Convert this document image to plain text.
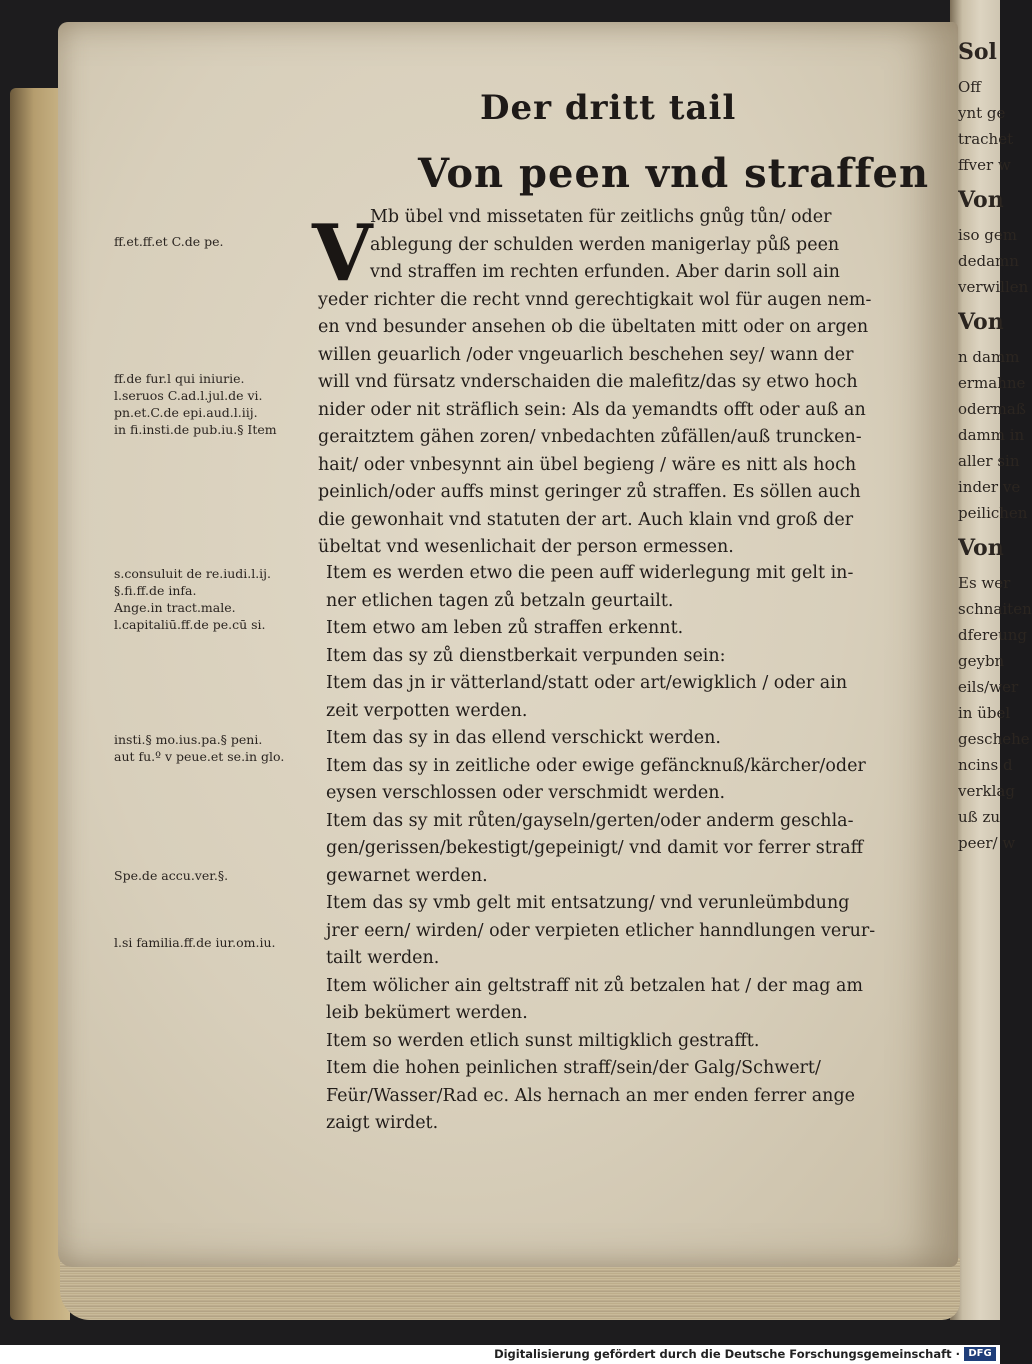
Sol
Off
ynt ge
trachet
ffver w
Von
iso gem
dedamn
verwillen
Von
n damm
ermahne
odermaß
damm in
aller sin
inder ve
peilichen
Von
Es wer
schnaiten
dfereung
geybn
eils/wer
in übel
geschehe
ncins d
verklag
uß zu
peer/ w
Der dritt tail
Von peen vnd straffen
V
Mb übel vnd missetaten für zeitlichs gnůg tůn/ oder
ablegung der schulden werden manigerlay půß peen
vnd straffen im rechten erfunden. Aber darin soll ain
yeder richter die recht vnnd gerechtigkait wol für augen nem-
en vnd besunder ansehen ob die übeltaten mitt oder on argen
willen geuarlich /oder vngeuarlich beschehen sey/ wann der
will vnd fürsatz vnderschaiden die malefitz/das sy etwo hoch
nider oder nit sträflich sein: Als da yemandts offt oder auß an
geraitztem gähen zoren/ vnbedachten zůfällen/auß truncken-
hait/ oder vnbesynnt ain übel begieng / wäre es nitt als hoch
peinlich/oder auffs minst geringer zů straffen. Es söllen auch
die gewonhait vnd statuten der art. Auch klain vnd groß der
übeltat vnd wesenlichait der person ermessen.
Item es werden etwo die peen auff widerlegung mit gelt in-
ner etlichen tagen zů betzaln geurtailt.
Item etwo am leben zů straffen erkennt.
Item das sy zů dienstberkait verpunden sein:
Item das jn ir vätterland/statt oder art/ewigklich / oder ain
zeit verpotten werden.
Item das sy in das ellend verschickt werden.
Item das sy in zeitliche oder ewige gefäncknuß/kärcher/oder
eysen verschlossen oder verschmidt werden.
Item das sy mit růten/gayseln/gerten/oder anderm geschla-
gen/gerissen/bekestigt/gepeinigt/ vnd damit vor ferrer straff
gewarnet werden.
Item das sy vmb gelt mit entsatzung/ vnd verunleümbdung
jrer eern/ wirden/ oder verpieten etlicher hanndlungen verur-
tailt werden.
Item wölicher ain geltstraff nit zů betzalen hat / der mag am
leib bekümert werden.
Item so werden etlich sunst miltigklich gestrafft.
Item die hohen peinlichen straff/sein/der Galg/Schwert/
Feür/Wasser/Rad ec. Als hernach an mer enden ferrer ange
zaigt wirdet.
ff.et.ff.et C.de pe.
ff.de fur.l qui iniurie.
l.seruos C.ad.l.jul.de vi.
pn.et.C.de epi.aud.l.iij.
in fi.insti.de pub.iu.§ Item
s.consuluit de re.iudi.l.ij.
§.fi.ff.de infa.
Ange.in tract.male.
l.capitaliū.ff.de pe.cū si.
insti.§ mo.ius.pa.§ peni.
aut fu.º v peue.et se.in glo.
Spe.de accu.ver.§.
l.si familia.ff.de iur.om.iu.
Digitalisierung gefördert durch die Deutsche Forschungsgemeinschaft · DFG
